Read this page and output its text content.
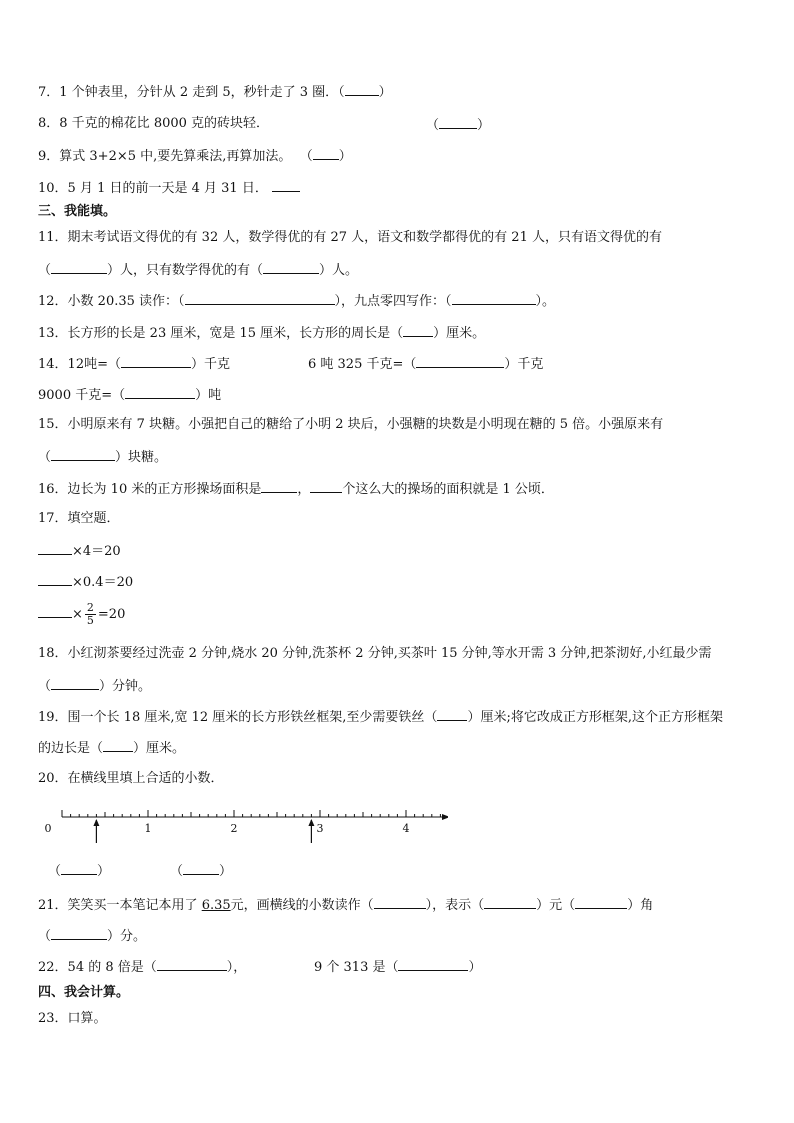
7．1 个钟表里，分针从 2 走到 5，秒针走了 3 圈．（	）
8．8 千克的棉花比 8000 克的砖块轻．	（	）
9．算式 3+2×5 中,要先算乘法,再算加法。 （ ）
10．5 月 1 日的前一天是 4 月 31 日．
三、我能填。
11．期末考试语文得优的有 32 人，数学得优的有 27 人，语文和数学都得优的有 21 人，只有语文得优的有
（	）人，只有数学得优的有（	）人。
12．小数 20.35 读作：（	），九点零四写作：（	）。
13．长方形的长是 23 厘米，宽是 15 厘米，长方形的周长是（ ）厘米。
14．12吨=（	）千克	6 吨 325 千克=（	）千克
9000 千克=（	）吨
15．小明原来有 7 块糖。小强把自己的糖给了小明 2 块后，小强糖的块数是小明现在糖的 5 倍。小强原来有
（	）块糖。
16．边长为 10 米的正方形操场面积是	， 个这么大的操场的面积就是 1 公顷．
17．填空题．
×4＝20
×0.4＝20
× $\frac{2}{5} =20$
18．小红沏茶要经过洗壶 2 分钟,烧水 20 分钟,洗茶杯 2 分钟,买茶叶 15 分钟,等水开需 3 分钟,把茶沏好,小红最少需
（	）分钟。
19．围一个长 18 厘米,宽 12 厘米的长方形铁丝框架,至少需要铁丝（ ）厘米;将它改成正方形框架,这个正方形框架
的边长是（ ）厘米。
20．在横线里填上合适的小数．
0	1	2	3	4
（	）	（	）
21．笑笑买一本笔记本用了 6.35元，画横线的小数读作（	），表示（	）元（	）角
（	）分。
22．54 的 8 倍是（	），	9 个 313 是（	）
四、我会计算。
23．口算。
